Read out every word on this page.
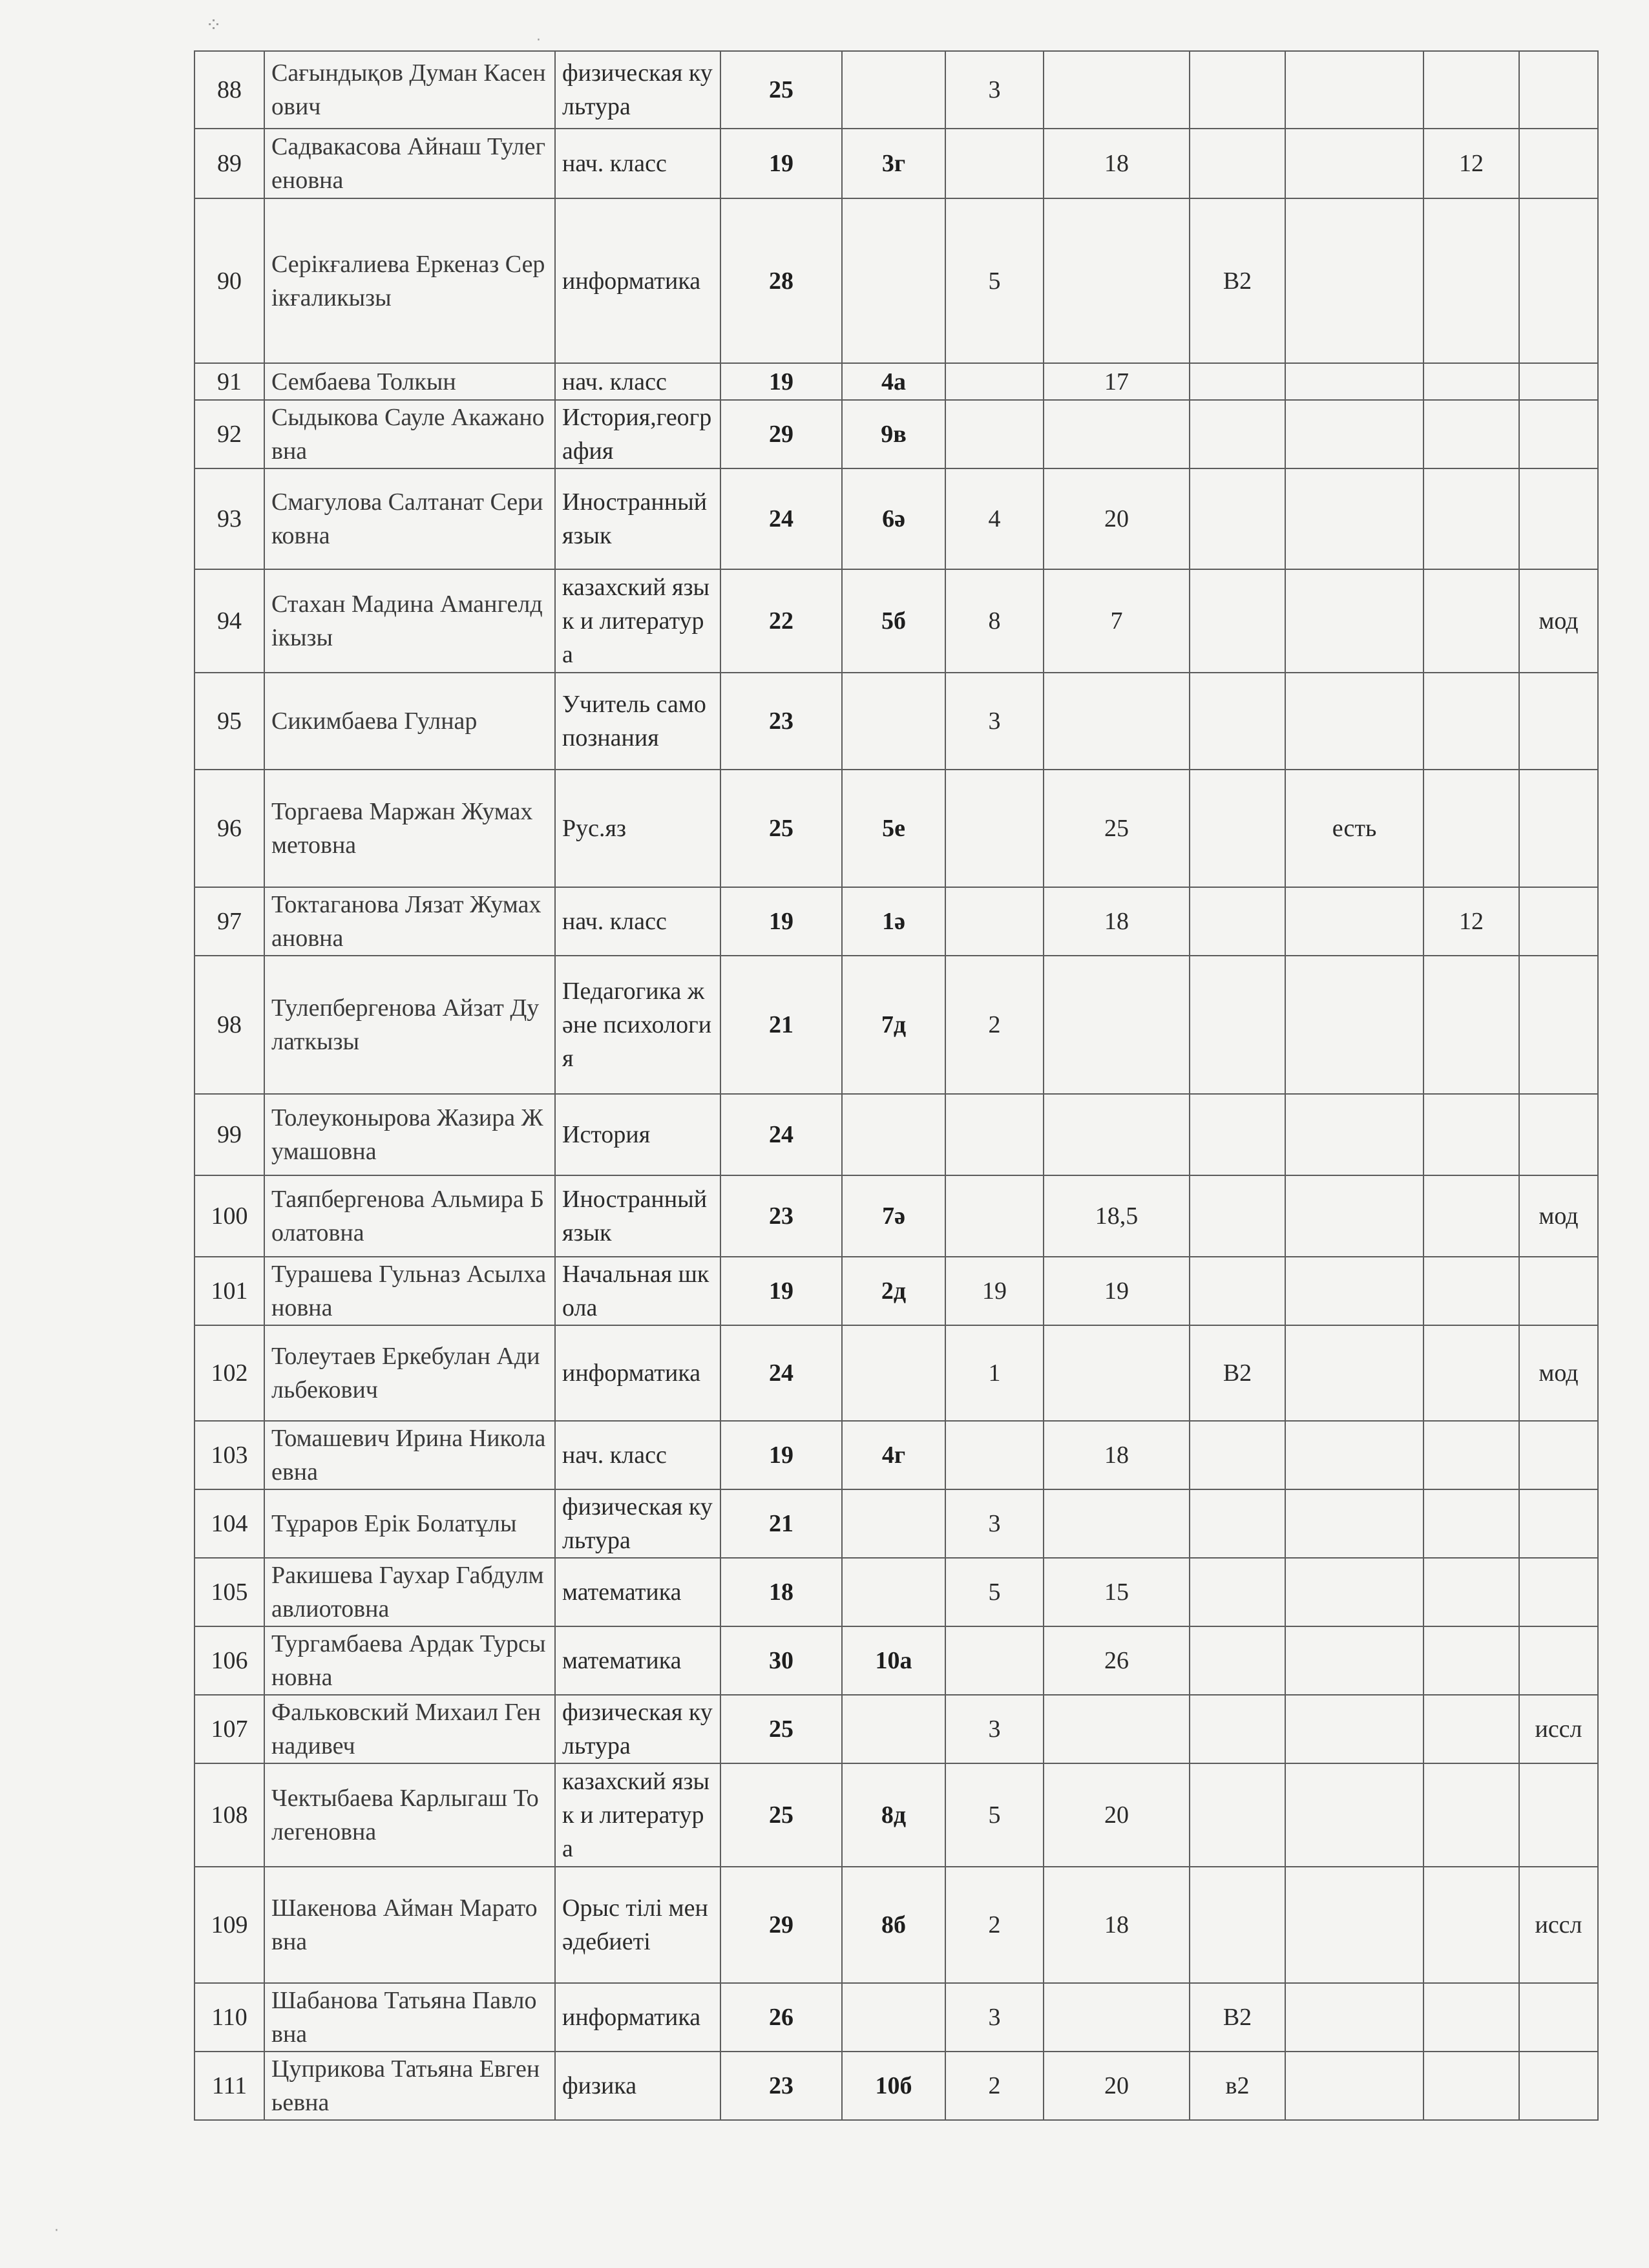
⁘
·
·
88	Сағындықов Думан Касенович	физическая культура	25		3					
89	Садвакасова Айнаш Тулегеновна	нач. класс	19	3г		18			12	
90	Серікғалиева Еркеназ Серікғаликызы	информатика	28		5		В2			
91	Сембаева Толкын	нач. класс	19	4а		17				
92	Сыдыкова Сауле Акажановна	История,география	29	9в						
93	Смагулова Салтанат Сериковна	Иностранный язык	24	6ә	4	20				
94	Стахан Мадина Амангелдікызы	казахский язык и литература	22	5б	8	7				мод
95	Сикимбаева Гулнар	Учитель самопознания	23		3					
96	Торгаева Маржан Жумахметовна	Рус.яз	25	5е		25		есть		
97	Токтаганова Лязат Жумахановна	нач. класс	19	1ә		18			12	
98	Тулепбергенова Айзат Дулаткызы	Педагогика және психология	21	7д	2					
99	Толеуконырова Жазира Жумашовна	История	24							
100	Таяпбергенова Альмира Болатовна	Иностранный язык	23	7ә		18,5				мод
101	Турашева Гульназ Асылхановна	Начальная школа	19	2д	19	19				
102	Толеутаев Еркебулан Адильбекович	информатика	24		1		В2			мод
103	Томашевич Ирина Николаевна	нач. класс	19	4г		18				
104	Тұраров Ерік Болатұлы	физическая культура	21		3					
105	Ракишева Гаухар Габдулмавлиотовна	математика	18		5	15				
106	Тургамбаева Ардак Турсыновна	математика	30	10а		26				
107	Фальковский Михаил Геннадивеч	физическая культура	25		3					иссл
108	Чектыбаева Карлыгаш Толегеновна	казахский язык и литература	25	8д	5	20				
109	Шакенова Айман Маратовна	Орыс тілі мен әдебиеті	29	8б	2	18				иссл
110	Шабанова Татьяна Павловна	информатика	26		3		В2			
111	Цуприкова Татьяна Евгеньевна	физика	23	10б	2	20	в2			
